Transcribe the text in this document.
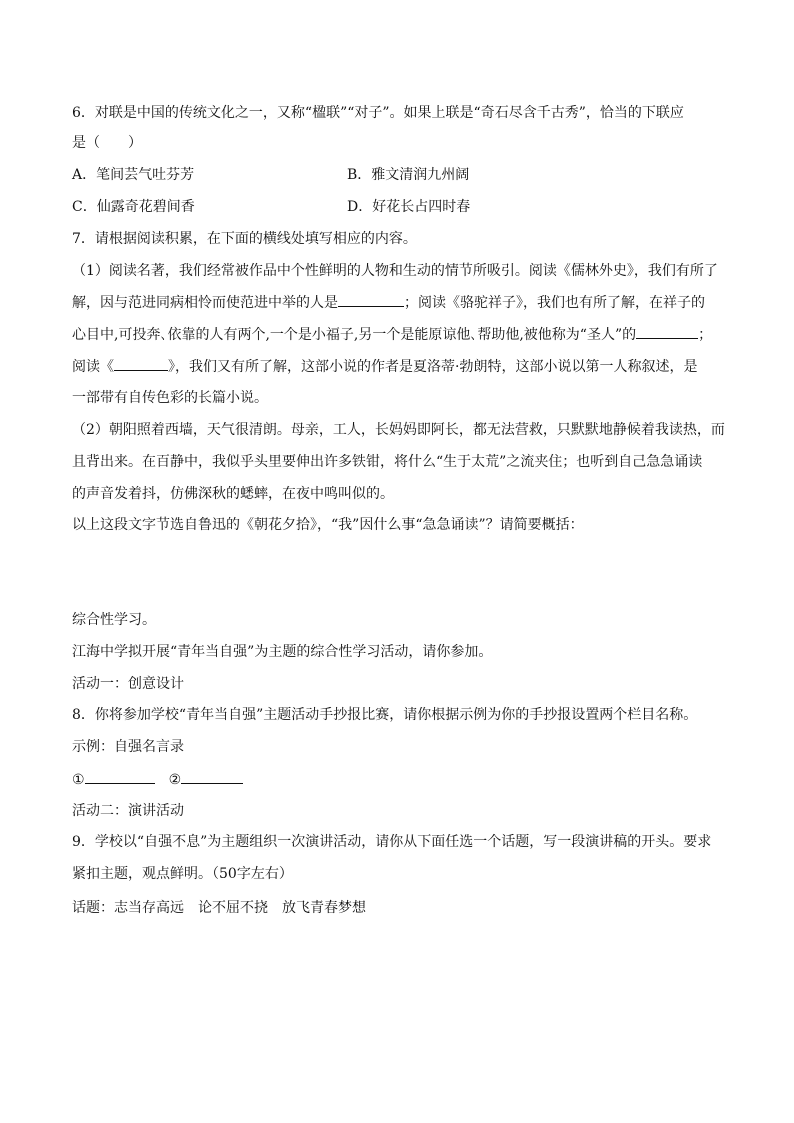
6．对联是中国的传统文化之一，又称“楹联”“对子”。如果上联是“奇石尽含千古秀”，恰当的下联应
是（　　）
A．笔间芸气吐芬芳	B．雅文清润九州阔
C．仙露奇花碧间香	D．好花长占四时春
7．请根据阅读积累，在下面的横线处填写相应的内容。
（1）阅读名著，我们经常被作品中个性鲜明的人物和生动的情节所吸引。阅读《儒林外史》，我们有所了
解，因与范进同病相怜而使范进中举的人是	；阅读《骆驼祥子》，我们也有所了解，在祥子的
心目中,可投奔､依靠的人有两个,一个是小福子,另一个是能原谅他､帮助他,被他称为“圣人”的	；
阅读《	》，我们又有所了解，这部小说的作者是夏洛蒂·勃朗特，这部小说以第一人称叙述，是
一部带有自传色彩的长篇小说。
（2）朝阳照着西墙，天气很清朗。母亲，工人，长妈妈即阿长，都无法营救，只默默地静候着我读热，而
且背出来。在百静中，我似乎头里要伸出许多铁钳，将什么“生于太荒”之流夹住；也听到自己急急诵读
的声音发着抖，仿佛深秋的蟋蟀，在夜中鸣叫似的。
以上这段文字节选自鲁迅的《朝花夕拾》，“我”因什么事“急急诵读”？请简要概括：
综合性学习。
江海中学拟开展“青年当自强”为主题的综合性学习活动，请你参加。
活动一：创意设计
8．你将参加学校“青年当自强”主题活动手抄报比赛，请你根据示例为你的手抄报设置两个栏目名称。
示例：自强名言录
①	②
活动二：演讲活动
9．学校以“自强不息”为主题组织一次演讲活动，请你从下面任选一个话题，写一段演讲稿的开头。要求
紧扣主题，观点鲜明。（50字左右）
话题：志当存高远　论不屈不挠　放飞青春梦想
